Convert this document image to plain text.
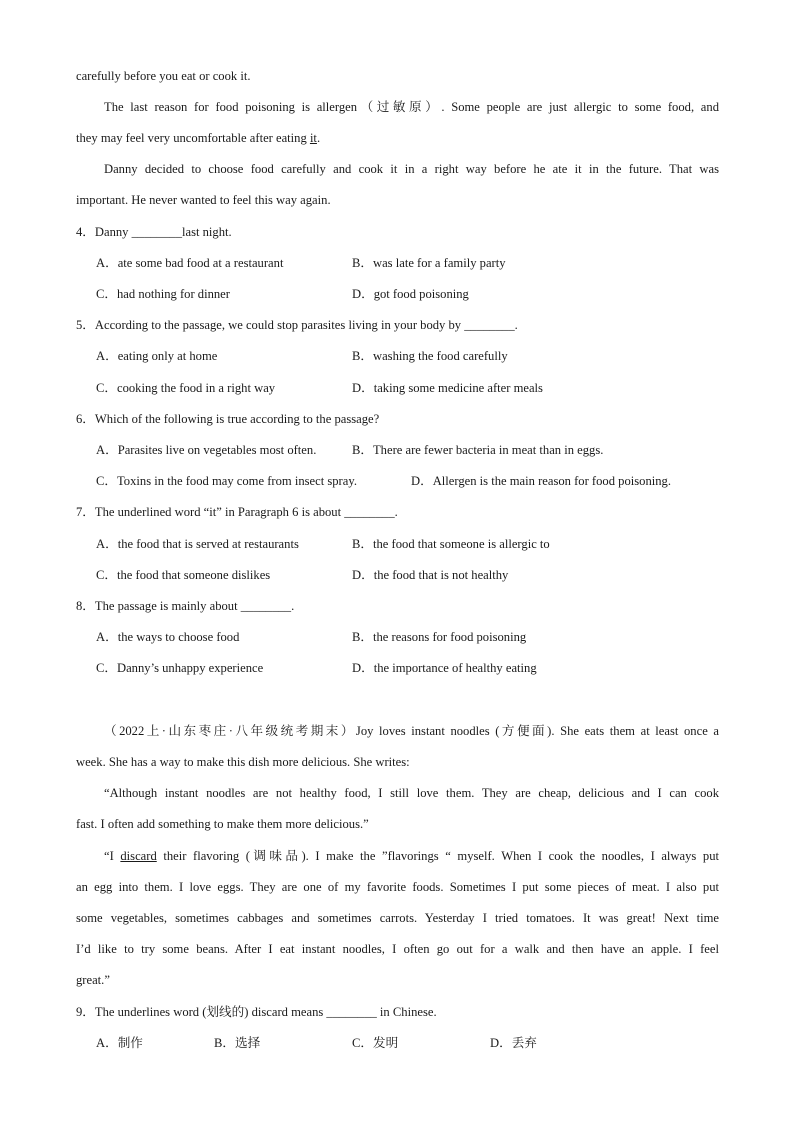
carefully before you eat or cook it.
The last reason for food poisoning is allergen（过敏原）. Some people are just allergic to some food, and
they may feel very uncomfortable after eating it.
Danny decided to choose food carefully and cook it in a right way before he ate it in the future. That was
important. He never wanted to feel this way again.
4．Danny ________last night.
A．ate some bad food at a restaurant	B．was late for a family party
C．had nothing for dinner	D．got food poisoning
5．According to the passage, we could stop parasites living in your body by ________.
A．eating only at home	B．washing the food carefully
C．cooking the food in a right way	D．taking some medicine after meals
6．Which of the following is true according to the passage?
A．Parasites live on vegetables most often.	B．There are fewer bacteria in meat than in eggs.
C．Toxins in the food may come from insect spray.	D．Allergen is the main reason for food poisoning.
7．The underlined word “it” in Paragraph 6 is about ________.
A．the food that is served at restaurants	B．the food that someone is allergic to
C．the food that someone dislikes	D．the food that is not healthy
8．The passage is mainly about ________.
A．the ways to choose food	B．the reasons for food poisoning
C．Danny’s unhappy experience	D．the importance of healthy eating
（2022上·山东枣庄·八年级统考期末）Joy loves instant noodles (方便面). She eats them at least once a
week. She has a way to make this dish more delicious. She writes:
“Although instant noodles are not healthy food, I still love them. They are cheap, delicious and I can cook
fast. I often add something to make them more delicious.”
“I discard their flavoring (调味品). I make the ”flavorings “ myself. When I cook the noodles, I always put
an egg into them. I love eggs. They are one of my favorite foods. Sometimes I put some pieces of meat. I also put
some vegetables, sometimes cabbages and sometimes carrots. Yesterday I tried tomatoes. It was great! Next time
I’d like to try some beans. After I eat instant noodles, I often go out for a walk and then have an apple. I feel
great.”
9．The underlines word (划线的) discard means ________ in Chinese.
A．制作	B．选择	C．发明	D．丢弃
